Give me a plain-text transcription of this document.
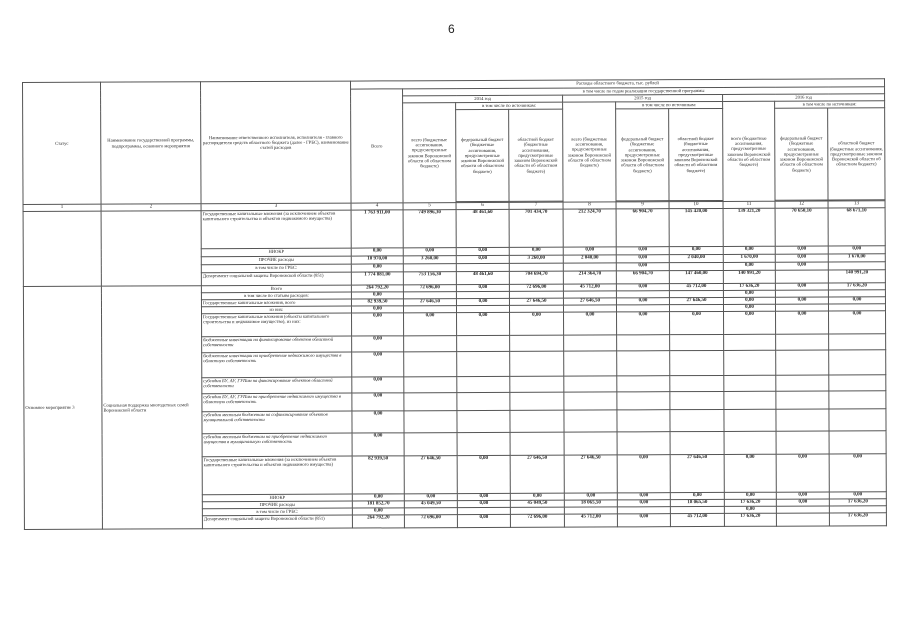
6
Статус	Наименование государственной программы, подпрограммы, основного мероприятия	Наименование ответственного исполнителя, исполнителя - главного распорядителя средств областного бюджета (далее - ГРБС), наименование статей расходов	Расходы областного бюджета, тыс. рублей									
			Всего	в том числе по годам реализации государственной программы								
				2014 год			2015 год			2016 год		
				всего (бюджетные ассигнования, предусмотренные законом Воронежской области об областном бюджете)	в том числе по источникам:		всего (бюджетные ассигнования, предусмотренные законом Воронежской области об областном бюджете)	в том числе по источникам:		всего (бюджетные ассигнования, предусмотренные законом Воронежской области об областном бюджете)	в том числе по источникам:	
					федеральный бюджет (бюджетные ассигнования, предусмотренные законом Воронежской области об областном бюджете)	областной бюджет (бюджетные ассигнования, предусмотренные законом Воронежской области об областном бюджете)		федеральный бюджет (бюджетные ассигнования, предусмотренные законом Воронежской области об областном бюджете)	областной бюджет (бюджетные ассигнования, предусмотренные законом Воронежской области об областном бюджете)		федеральный бюджет (бюджетные ассигнования, предусмотренные законом Воронежской области об областном бюджете)	областной бюджет (бюджетные ассигнования, предусмотренные законом Воронежской области об областном бюджете)

1	2	3	4	5	6	7	8	9	10	11	12	13
		Государственные капитальные вложения (за исключением объектов капитального строительства и объектов недвижимого имущества)	1 763 911,00	749 896,30	48 461,60	701 434,70	212 324,70	66 904,70	145 420,00	139 321,20	70 650,10	68 671,10
		НИОКР	0,00	0,00	0,00	0,00	0,00	0,00	0,00	0,00	0,00	0,00
		ПРОЧИЕ расходы	10 970,00	3 260,00	0,00	3 260,00	2 040,00	0,00	2 040,00	1 670,00	0,00	1 670,00
		в том числе по ГРБС:	0,00					0,00		0,00	0,00	
		Департамент социальной защиты Воронежской области (851)	1 774 881,00	753 156,30	48 461,60	704 694,70	214 364,70	66 904,70	147 460,00	140 991,20		140 991,20
Основное мероприятие 3	Социальная поддержка многодетных семей Воронежской области	Всего	264 792,20	72 696,00	0,00	72 696,00	45 712,00	0,00	45 712,00	17 636,20	0,00	17 636,20
		в том числе по статьям расходов:	0,00							0,00		
		Государственные капитальные вложения, всего	82 939,50	27 646,50	0,00	27 646,50	27 646,50	0,00	27 646,50	0,00	0,00	0,00
		из них:	0,00							0,00		
		Государственные капитальные вложения (объекты капитального строительства и недвижимое имущество), из них:	0,00	0,00	0,00	0,00	0,00	0,00	0,00	0,00	0,00	0,00
		бюджетные инвестиции на финансирование объектов областной собственности	0,00									
		бюджетные инвестиции на приобретение недвижимого имущества в областную собственность	0,00									
		субсидии БУ, АУ, ГУПам на финансирование объектов областной собственности	0,00									
		субсидии БУ, АУ, ГУПам на приобретение недвижимого имущества в областную собственность	0,00									
		субсидии местным бюджетам на софинансирование объектов муниципальной собственности	0,00									
		субсидии местным бюджетам на приобретение недвижимого имущества в муниципальную собственность	0,00									
		Государственные капитальные вложения (за исключением объектов капитального строительства и объектов недвижимого имущества)	82 939,50	27 646,50	0,00	27 646,50	27 646,50	0,00	27 646,50	0,00	0,00	0,00
		НИОКР	0,00	0,00	0,00	0,00	0,00	0,00	0,00	0,00	0,00	0,00
		ПРОЧИЕ расходы	181 852,70	45 049,50	0,00	45 049,50	18 065,50	0,00	18 065,50	17 636,20	0,00	17 636,20
		в том числе по ГРБС:	0,00							0,00		
		Департамент социальной защиты Воронежской области (851)	264 792,20	72 696,00	0,00	72 696,00	45 712,00	0,00	45 712,00	17 636,20		17 636,20
